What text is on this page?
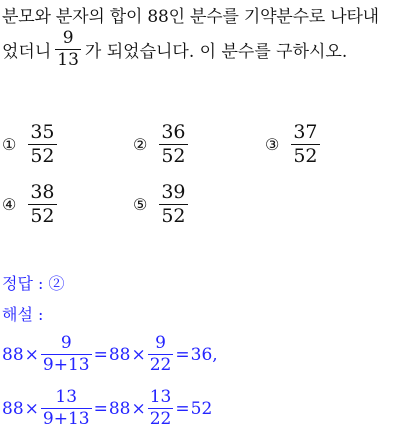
분모와 분자의 합이 88인 분수를 기약분수로 나타내
었더니 $\frac{9}{13}$ 가 되었습니다. 이 분수를 구하시오.
① $\frac{35}{52}$	② $\frac{36}{52}$	③ $\frac{37}{52}$
④ $\frac{38}{52}$	⑤ $\frac{39}{52}$
정답 : ②
해설 :
$88 \times \frac{9}{9+13} = 88 \times \frac{9}{22} = 36$,
$88 \times \frac{13}{9+13} = 88 \times \frac{13}{22} = 52$
